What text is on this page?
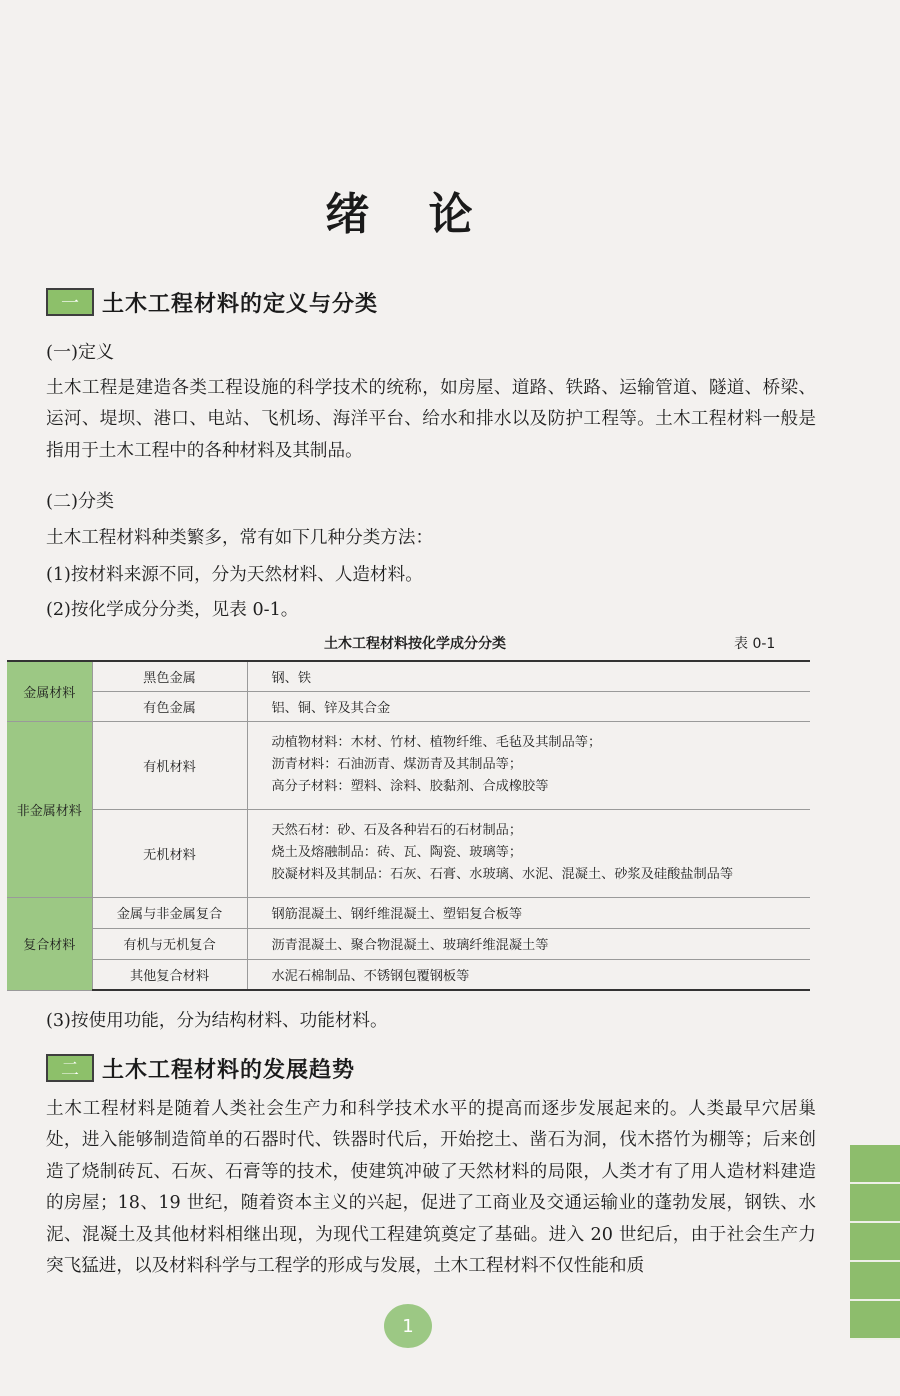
绪 论
一	土木工程材料的定义与分类
(一)定义

土木工程是建造各类工程设施的科学技术的统称，如房屋、道路、铁路、运输管道、隧道、桥梁、运河、堤坝、港口、电站、飞机场、海洋平台、给水和排水以及防护工程等。土木工程材料一般是指用于土木工程中的各种材料及其制品。

(二)分类
土木工程材料种类繁多，常有如下几种分类方法：
(1)按材料来源不同，分为天然材料、人造材料。
(2)按化学成分分类，见表 0-1。
土木工程材料按化学成分分类	表 0-1
金属材料	黑色金属	钢、铁
	有色金属	铝、铜、锌及其合金
非金属材料	有机材料	动植物材料：木材、竹材、植物纤维、毛毡及其制品等；
沥青材料：石油沥青、煤沥青及其制品等；
高分子材料：塑料、涂料、胶黏剂、合成橡胶等

	无机材料	天然石材：砂、石及各种岩石的石材制品；
烧土及熔融制品：砖、瓦、陶瓷、玻璃等；
胶凝材料及其制品：石灰、石膏、水玻璃、水泥、混凝土、砂浆及硅酸盐制品等

复合材料	金属与非金属复合	钢筋混凝土、钢纤维混凝土、塑铝复合板等
	有机与无机复合	沥青混凝土、聚合物混凝土、玻璃纤维混凝土等
	其他复合材料	水泥石棉制品、不锈钢包覆钢板等
(3)按使用功能，分为结构材料、功能材料。
二	土木工程材料的发展趋势

土木工程材料是随着人类社会生产力和科学技术水平的提高而逐步发展起来的。人类最早穴居巢处，进入能够制造简单的石器时代、铁器时代后，开始挖土、凿石为洞，伐木搭竹为棚等；后来创造了烧制砖瓦、石灰、石膏等的技术，使建筑冲破了天然材料的局限，人类才有了用人造材料建造的房屋；18、19 世纪，随着资本主义的兴起，促进了工商业及交通运输业的蓬勃发展，钢铁、水泥、混凝土及其他材料相继出现，为现代工程建筑奠定了基础。进入 20 世纪后，由于社会生产力突飞猛进，以及材料科学与工程学的形成与发展，土木工程材料不仅性能和质

1
